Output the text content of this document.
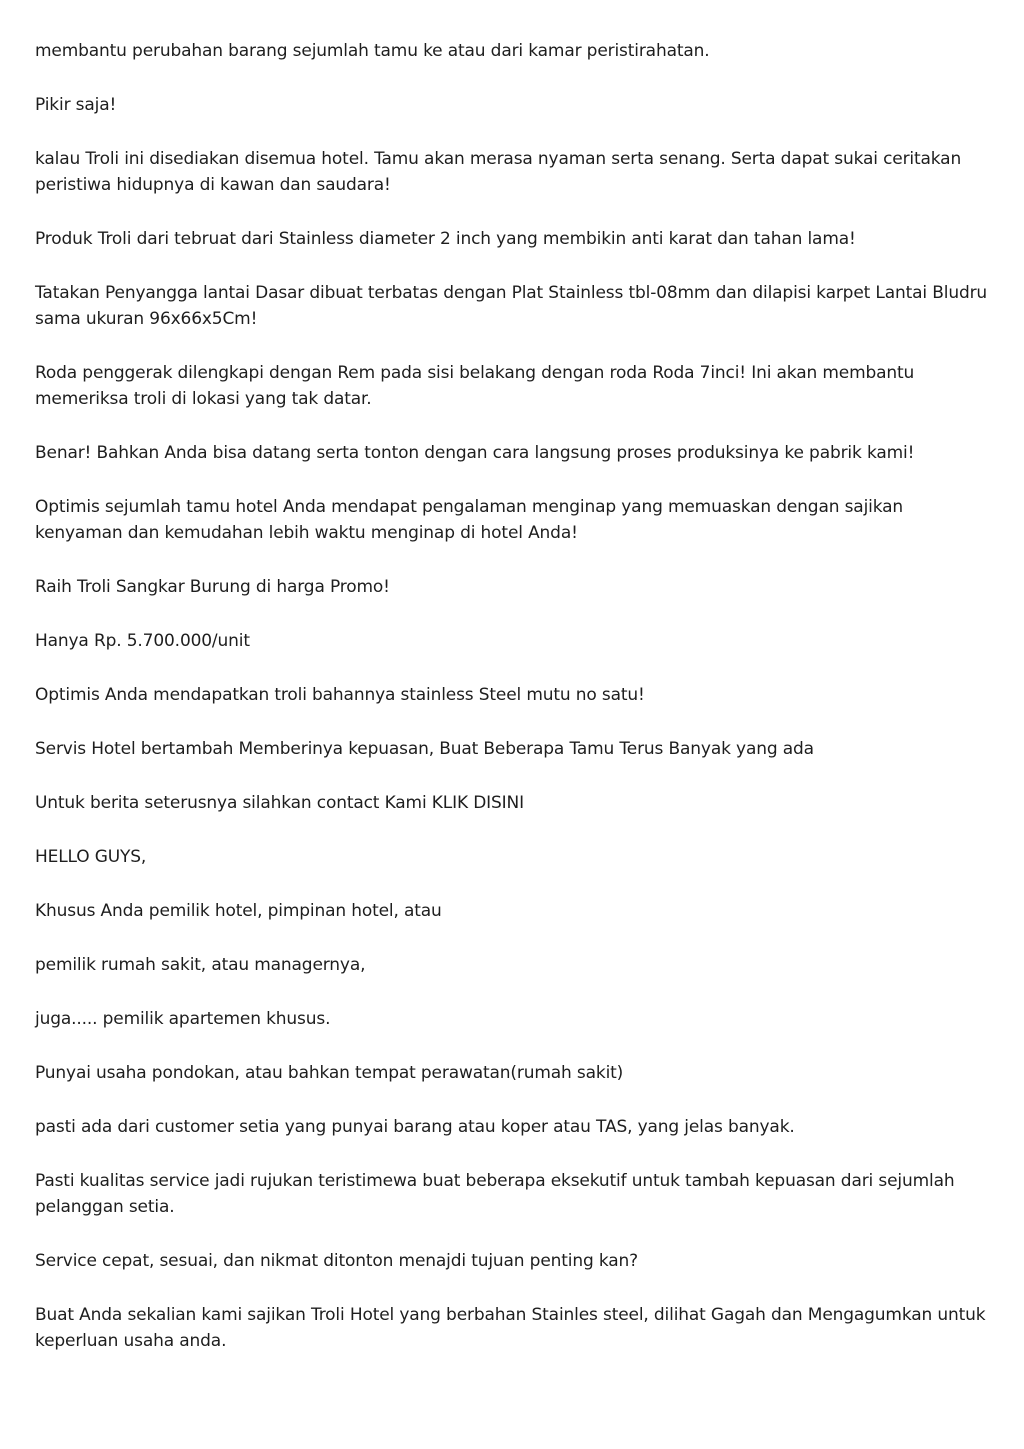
membantu perubahan barang sejumlah tamu ke atau dari kamar peristirahatan.

Pikir saja!

kalau Troli ini disediakan disemua hotel. Tamu akan merasa nyaman serta senang. Serta dapat sukai ceritakan peristiwa hidupnya di kawan dan saudara!

Produk Troli dari tebruat dari Stainless diameter 2 inch yang membikin anti karat dan tahan lama!

Tatakan Penyangga lantai Dasar dibuat terbatas dengan Plat Stainless tbl-08mm dan dilapisi karpet Lantai Bludru sama ukuran 96x66x5Cm!

Roda penggerak dilengkapi dengan Rem pada sisi belakang dengan roda Roda 7inci! Ini akan membantu memeriksa troli di lokasi yang tak datar.

Benar! Bahkan Anda bisa datang serta tonton dengan cara langsung proses produksinya ke pabrik kami!

Optimis sejumlah tamu hotel Anda mendapat pengalaman menginap yang memuaskan dengan sajikan kenyaman dan kemudahan lebih waktu menginap di hotel Anda!

Raih Troli Sangkar Burung di harga Promo!

Hanya Rp. 5.700.000/unit

Optimis Anda mendapatkan troli bahannya stainless Steel mutu no satu!

Servis Hotel bertambah Memberinya kepuasan, Buat Beberapa Tamu Terus Banyak yang ada

Untuk berita seterusnya silahkan contact Kami KLIK DISINI

HELLO GUYS,

Khusus Anda pemilik hotel, pimpinan hotel, atau

pemilik rumah sakit, atau managernya,

juga..... pemilik apartemen khusus.

Punyai usaha pondokan, atau bahkan tempat perawatan(rumah sakit)

pasti ada dari customer setia yang punyai barang atau koper atau TAS, yang jelas banyak.

Pasti kualitas service jadi rujukan teristimewa buat beberapa eksekutif untuk tambah kepuasan dari sejumlah pelanggan setia.

Service cepat, sesuai, dan nikmat ditonton menajdi tujuan penting kan?

Buat Anda sekalian kami sajikan Troli Hotel yang berbahan Stainles steel, dilihat Gagah dan Mengagumkan untuk keperluan usaha anda.
